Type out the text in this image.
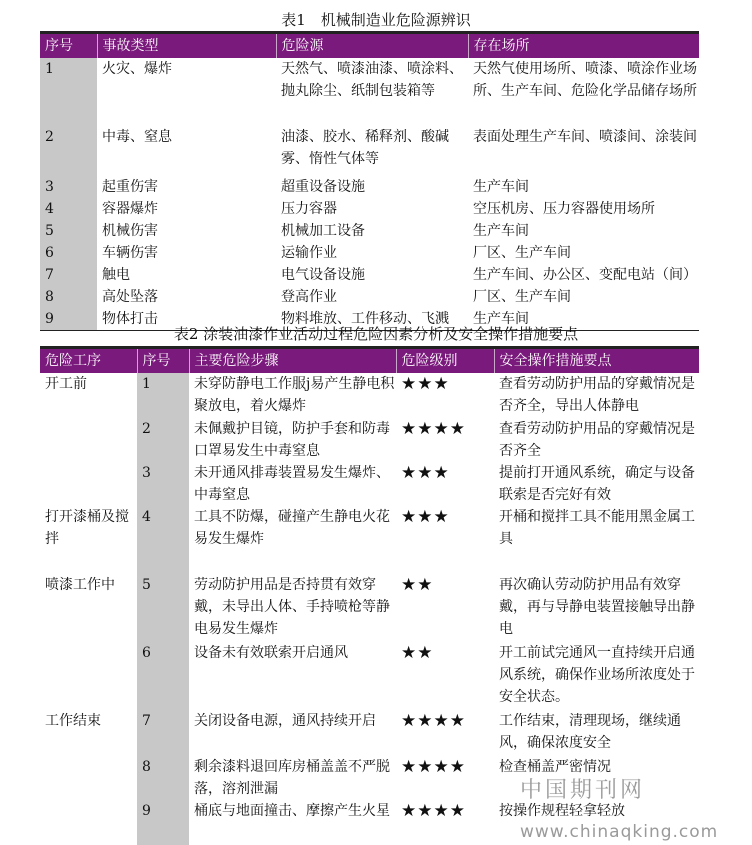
表1　机械制造业危险源辨识
序号	事故类型	危险源	存在场所
1	火灾、爆炸	天然气、喷漆油漆、喷涂料、抛丸除尘、纸制包装箱等	天然气使用场所、喷漆、喷涂作业场所、生产车间、危险化学品储存场所
2	中毒、窒息	油漆、胶水、稀释剂、酸碱雾、惰性气体等	表面处理生产车间、喷漆间、涂装间
3	起重伤害	超重设备设施	生产车间
4	容器爆炸	压力容器	空压机房、压力容器使用场所
5	机械伤害	机械加工设备	生产车间
6	车辆伤害	运输作业	厂区、生产车间
7	触电	电气设备设施	生产车间、办公区、变配电站（间）
8	高处坠落	登高作业	厂区、生产车间
9	物体打击	物料堆放、工件移动、飞溅	生产车间
表2 涂装油漆作业活动过程危险因素分析及安全操作措施要点
危险工序	序号	主要危险步骤	危险级别	安全操作措施要点
开工前	1	未穿防静电工作服j易产生静电积聚放电，着火爆炸	★★★	查看劳动防护用品的穿戴情况是否齐全，导出人体静电
	2	未佩戴护目镜，防护手套和防毒口罩易发生中毒窒息	★★★★	查看劳动防护用品的穿戴情况是否齐全
	3	未开通风排毒装置易发生爆炸、中毒窒息	★★★	提前打开通风系统，确定与设备联索是否完好有效
打开漆桶及搅拌	4	工具不防爆，碰撞产生静电火花易发生爆炸	★★★	开桶和搅拌工具不能用黑金属工具
喷漆工作中	5	劳动防护用品是否持贯有效穿戴，未导出人体、手持喷枪等静电易发生爆炸	★★	再次确认劳动防护用品有效穿戴，再与导静电装置接触导出静电
	6	设备未有效联索开启通风	★★	开工前试完通风一直持续开启通风系统，确保作业场所浓度处于安全状态。
工作结束	7	关闭设备电源，通风持续开启	★★★★	工作结束，清理现场，继续通风，确保浓度安全
	8	剩余漆料退回库房桶盖盖不严脱落，溶剂泄漏	★★★★	检查桶盖严密情况
	9	桶底与地面撞击、摩擦产生火星	★★★★	按操作规程轻拿轻放
中国期刊网
www.chinaqking.com
